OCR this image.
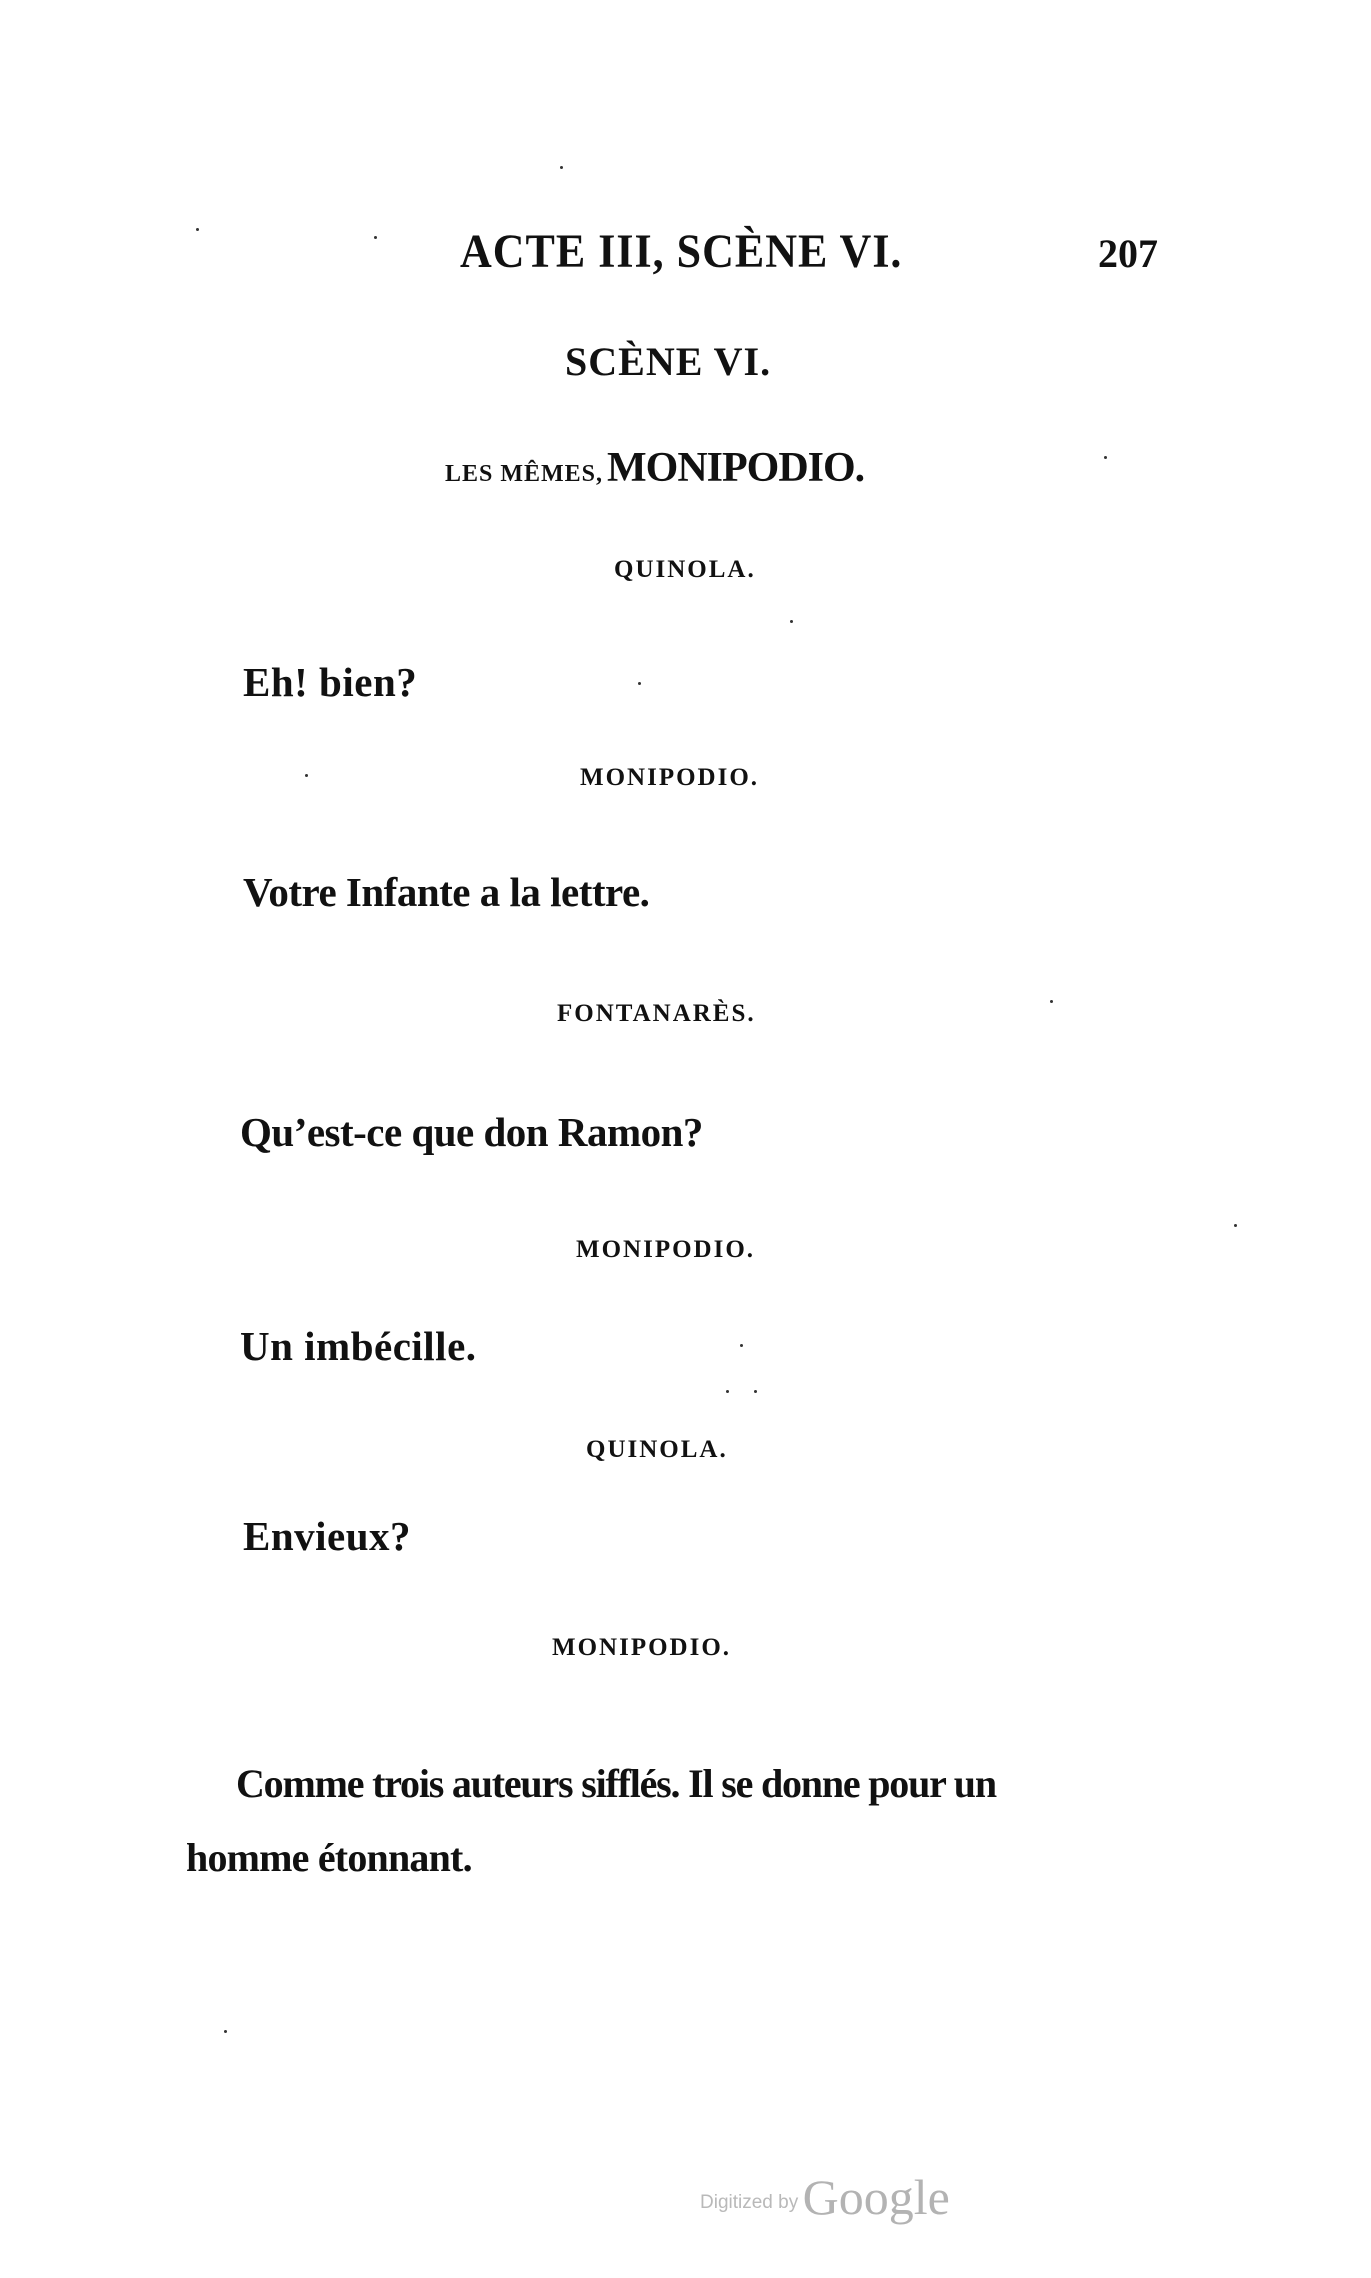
ACTE III, SCÈNE VI.	207
SCÈNE VI.
LES MÊMES, MONIPODIO.
QUINOLA.
Eh! bien?
MONIPODIO.
Votre Infante a la lettre.
FONTANARÈS.
Qu’est-ce que don Ramon?
MONIPODIO.
Un imbécille.
QUINOLA.
Envieux?
MONIPODIO.
Comme trois auteurs sifflés. Il se donne pour un
homme étonnant.
Digitized by Google
